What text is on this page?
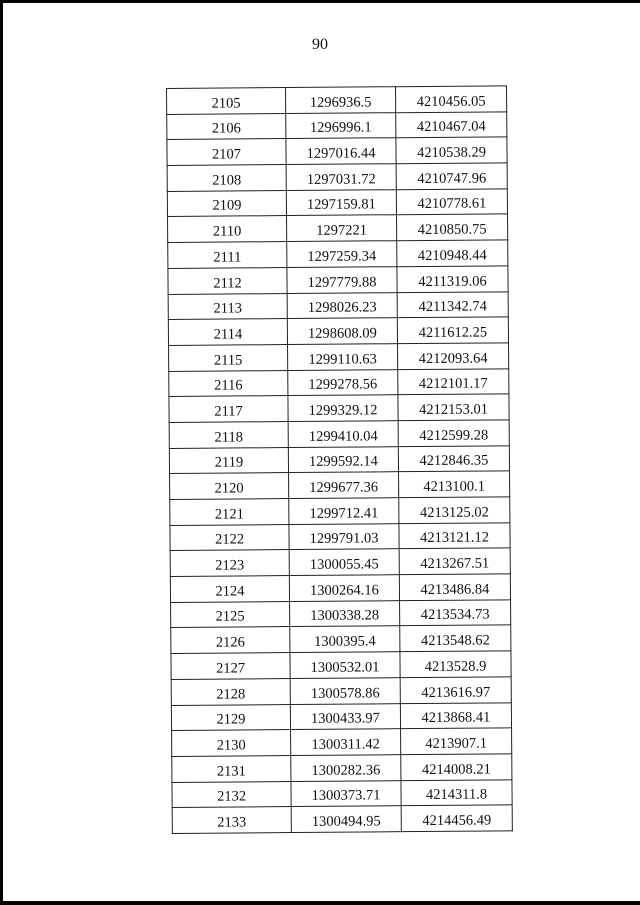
90
2105	1296936.5	4210456.05
2106	1296996.1	4210467.04
2107	1297016.44	4210538.29
2108	1297031.72	4210747.96
2109	1297159.81	4210778.61
2110	1297221	4210850.75
2111	1297259.34	4210948.44
2112	1297779.88	4211319.06
2113	1298026.23	4211342.74
2114	1298608.09	4211612.25
2115	1299110.63	4212093.64
2116	1299278.56	4212101.17
2117	1299329.12	4212153.01
2118	1299410.04	4212599.28
2119	1299592.14	4212846.35
2120	1299677.36	4213100.1
2121	1299712.41	4213125.02
2122	1299791.03	4213121.12
2123	1300055.45	4213267.51
2124	1300264.16	4213486.84
2125	1300338.28	4213534.73
2126	1300395.4	4213548.62
2127	1300532.01	4213528.9
2128	1300578.86	4213616.97
2129	1300433.97	4213868.41
2130	1300311.42	4213907.1
2131	1300282.36	4214008.21
2132	1300373.71	4214311.8
2133	1300494.95	4214456.49
